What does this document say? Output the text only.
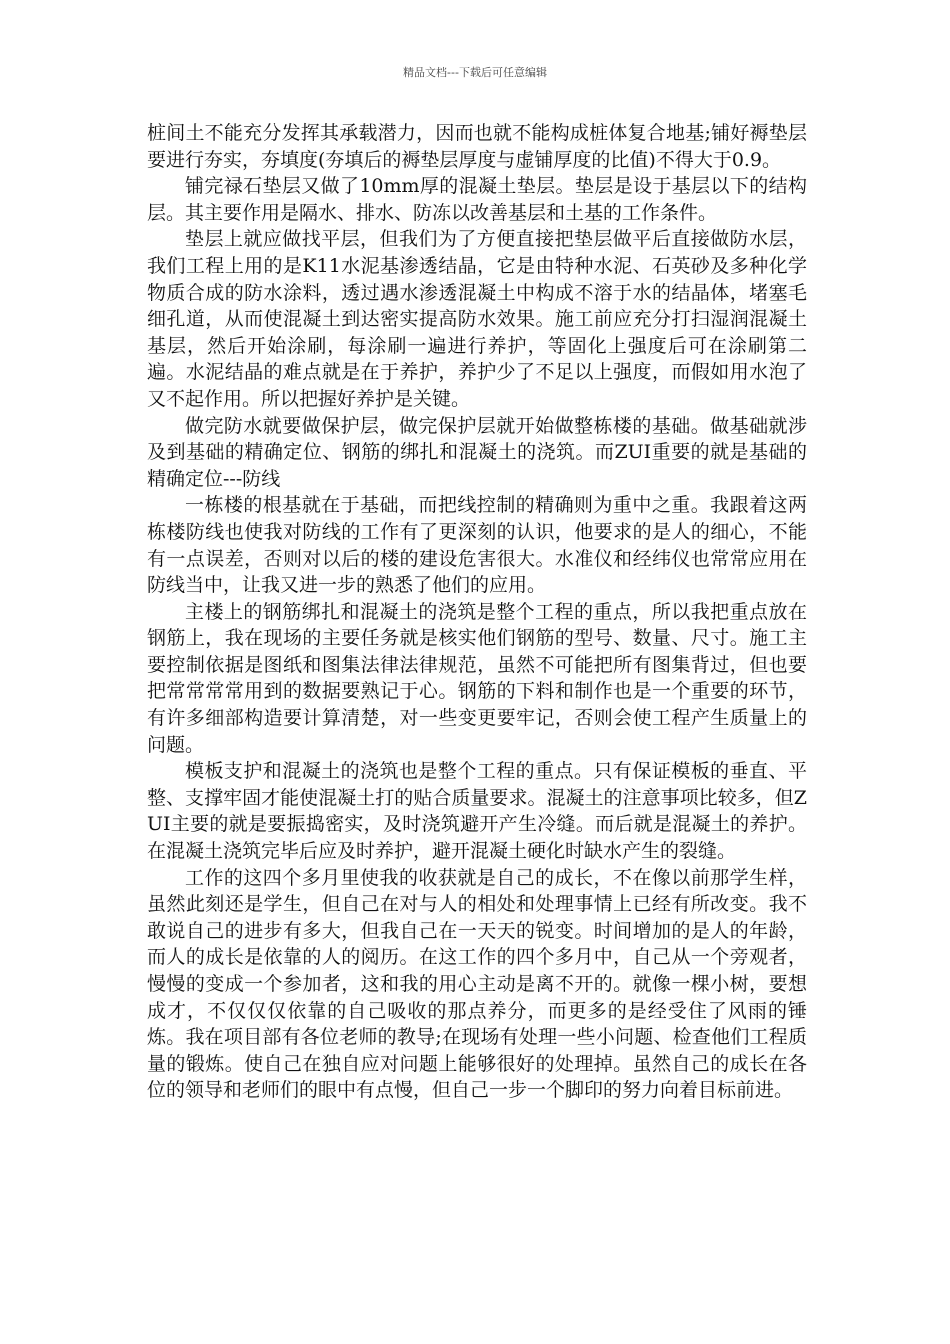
精品文档---下载后可任意编辑

桩间土不能充分发挥其承载潜力，因而也就不能构成桩体复合地基;铺好褥垫层要进行夯实，夯填度(夯填后的褥垫层厚度与虚铺厚度的比值)不得大于0.9。

铺完禄石垫层又做了10mm厚的混凝土垫层。垫层是设于基层以下的结构层。其主要作用是隔水、排水、防冻以改善基层和土基的工作条件。

垫层上就应做找平层，但我们为了方便直接把垫层做平后直接做防水层，我们工程上用的是K11水泥基渗透结晶，它是由特种水泥、石英砂及多种化学物质合成的防水涂料，透过遇水渗透混凝土中构成不溶于水的结晶体，堵塞毛细孔道，从而使混凝土到达密实提高防水效果。施工前应充分打扫湿润混凝土基层，然后开始涂刷，每涂刷一遍进行养护，等固化上强度后可在涂刷第二遍。水泥结晶的难点就是在于养护，养护少了不足以上强度，而假如用水泡了又不起作用。所以把握好养护是关键。

做完防水就要做保护层，做完保护层就开始做整栋楼的基础。做基础就涉及到基础的精确定位、钢筋的绑扎和混凝土的浇筑。而ZUI重要的就是基础的精确定位---防线

一栋楼的根基就在于基础，而把线控制的精确则为重中之重。我跟着这两栋楼防线也使我对防线的工作有了更深刻的认识，他要求的是人的细心，不能有一点误差，否则对以后的楼的建设危害很大。水准仪和经纬仪也常常应用在防线当中，让我又进一步的熟悉了他们的应用。

主楼上的钢筋绑扎和混凝土的浇筑是整个工程的重点，所以我把重点放在钢筋上，我在现场的主要任务就是核实他们钢筋的型号、数量、尺寸。施工主要控制依据是图纸和图集法律法律规范，虽然不可能把所有图集背过，但也要把常常常常用到的数据要熟记于心。钢筋的下料和制作也是一个重要的环节，有许多细部构造要计算清楚，对一些变更要牢记，否则会使工程产生质量上的问题。

模板支护和混凝土的浇筑也是整个工程的重点。只有保证模板的垂直、平整、支撑牢固才能使混凝土打的贴合质量要求。混凝土的注意事项比较多，但ZUI主要的就是要振捣密实，及时浇筑避开产生冷缝。而后就是混凝土的养护。在混凝土浇筑完毕后应及时养护，避开混凝土硬化时缺水产生的裂缝。

工作的这四个多月里使我的收获就是自己的成长，不在像以前那学生样，虽然此刻还是学生，但自己在对与人的相处和处理事情上已经有所改变。我不敢说自己的进步有多大，但我自己在一天天的锐变。时间增加的是人的年龄，而人的成长是依靠的人的阅历。在这工作的四个多月中，自己从一个旁观者，慢慢的变成一个参加者，这和我的用心主动是离不开的。就像一棵小树，要想成才，不仅仅仅依靠的自己吸收的那点养分，而更多的是经受住了风雨的锤炼。我在项目部有各位老师的教导;在现场有处理一些小问题、检查他们工程质量的锻炼。使自己在独自应对问题上能够很好的处理掉。虽然自己的成长在各位的领导和老师们的眼中有点慢，但自己一步一个脚印的努力向着目标前进。
